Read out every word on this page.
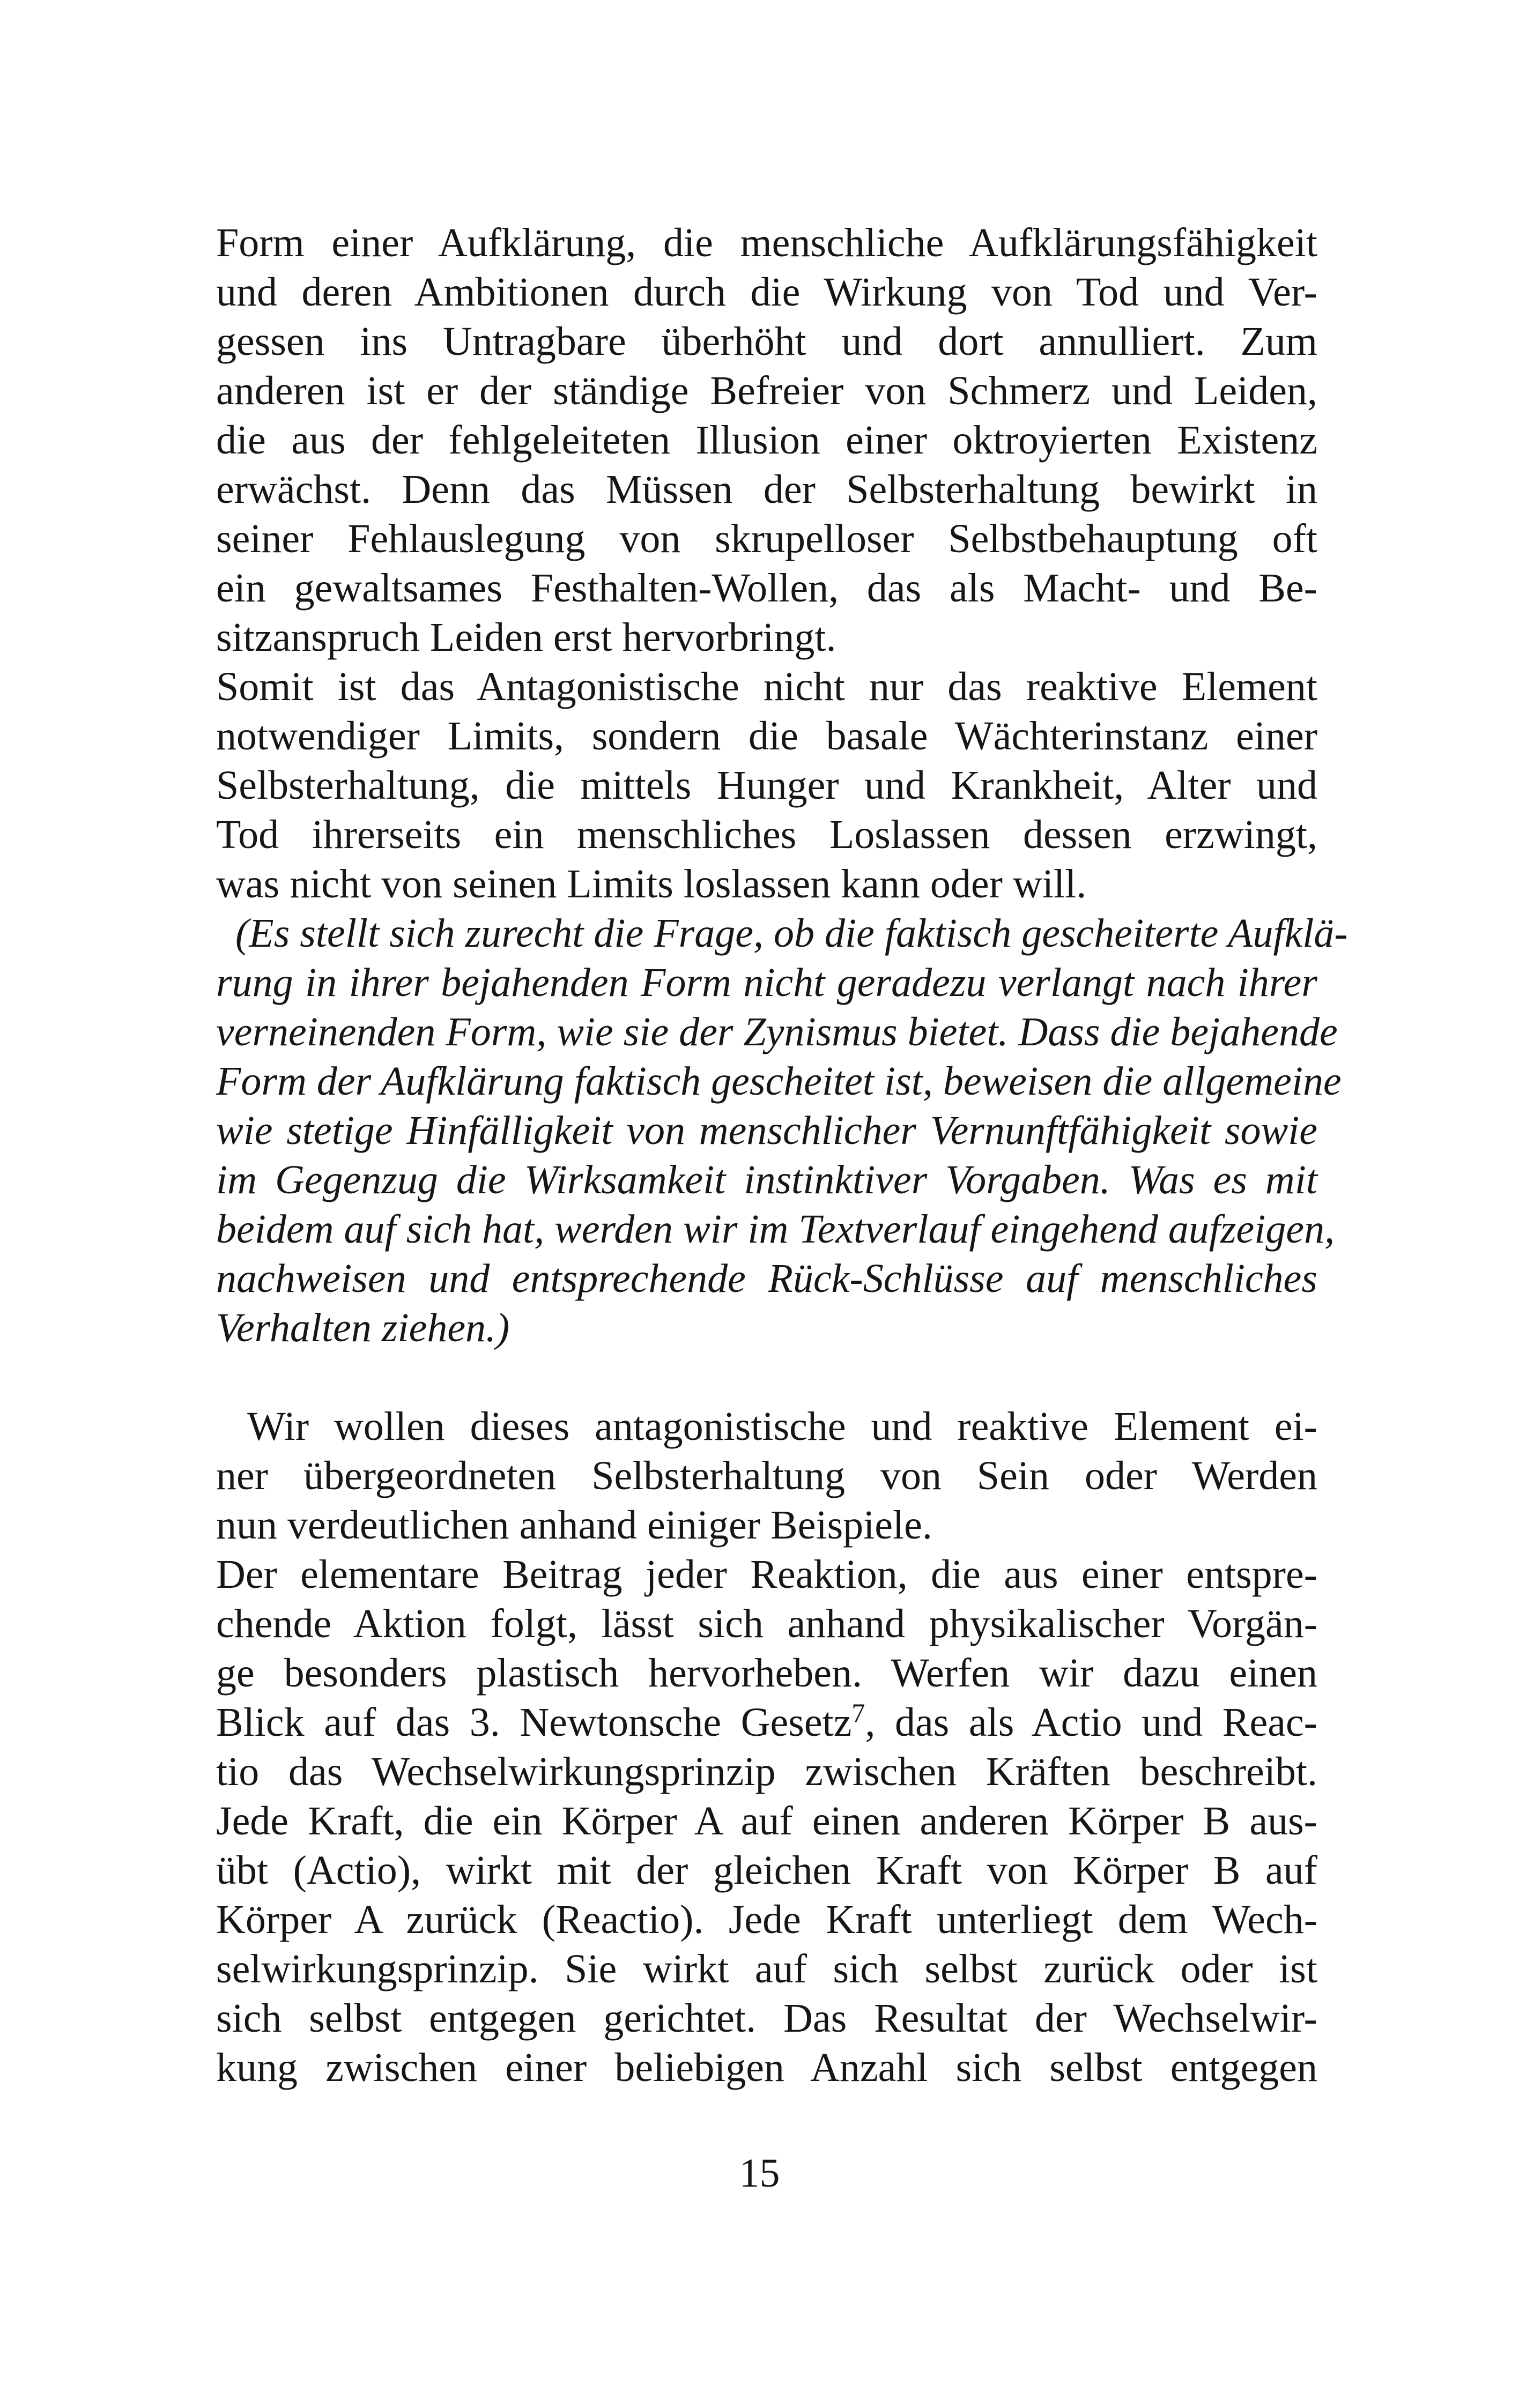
Form einer Aufklärung, die menschliche Aufklärungsfähigkeit
und deren Ambitionen durch die Wirkung von Tod und Ver-
gessen ins Untragbare überhöht und dort annulliert. Zum
anderen ist er der ständige Befreier von Schmerz und Leiden,
die aus der fehlgeleiteten Illusion einer oktroyierten Existenz
erwächst. Denn das Müssen der Selbsterhaltung bewirkt in
seiner Fehlauslegung von skrupelloser Selbstbehauptung oft
ein gewaltsames Festhalten-Wollen, das als Macht- und Be-
sitzanspruch Leiden erst hervorbringt.
Somit ist das Antagonistische nicht nur das reaktive Element
notwendiger Limits, sondern die basale Wächterinstanz einer
Selbsterhaltung, die mittels Hunger und Krankheit, Alter und
Tod ihrerseits ein menschliches Loslassen dessen erzwingt,
was nicht von seinen Limits loslassen kann oder will.
(Es stellt sich zurecht die Frage, ob die faktisch gescheiterte Aufklä-
rung in ihrer bejahenden Form nicht geradezu verlangt nach ihrer
verneinenden Form, wie sie der Zynismus bietet. Dass die bejahende
Form der Aufklärung faktisch gescheitet ist, beweisen die allgemeine
wie stetige Hinfälligkeit von menschlicher Vernunftfähigkeit sowie
im Gegenzug die Wirksamkeit instinktiver Vorgaben. Was es mit
beidem auf sich hat, werden wir im Textverlauf eingehend aufzeigen,
nachweisen und entsprechende Rück-Schlüsse auf menschliches
Verhalten ziehen.)
Wir wollen dieses antagonistische und reaktive Element ei-
ner übergeordneten Selbsterhaltung von Sein oder Werden
nun verdeutlichen anhand einiger Beispiele.
Der elementare Beitrag jeder Reaktion, die aus einer entspre-
chende Aktion folgt, lässt sich anhand physikalischer Vorgän-
ge besonders plastisch hervorheben. Werfen wir dazu einen
Blick auf das 3. Newtonsche Gesetz$^7$, das als Actio und Reac-
tio das Wechselwirkungsprinzip zwischen Kräften beschreibt.
Jede Kraft, die ein Körper A auf einen anderen Körper B aus-
übt (Actio), wirkt mit der gleichen Kraft von Körper B auf
Körper A zurück (Reactio). Jede Kraft unterliegt dem Wech-
selwirkungsprinzip. Sie wirkt auf sich selbst zurück oder ist
sich selbst entgegen gerichtet. Das Resultat der Wechselwir-
kung zwischen einer beliebigen Anzahl sich selbst entgegen
15
